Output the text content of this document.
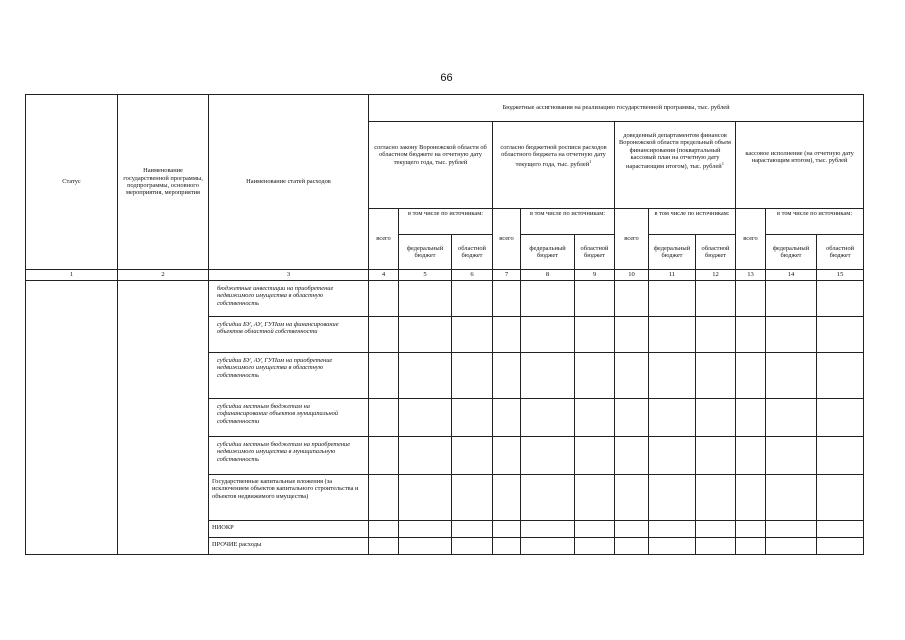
66
Статус	Наименование государственной программы, подпрограммы, основного мероприятия, мероприятия	Наименование статей расходов	Бюджетные ассигнования на реализацию государственной программы, тыс. рублей											
			согласно закону Воронежской области об областном бюджете на отчетную дату текущего года, тыс. рублей			согласно бюджетной росписи расходов областного бюджета на отчетную дату текущего года, тыс. рублей$^1$			доведенный департаментом финансов Воронежской области предельный объем финансирования (поквартальный кассовый план на отчетную дату нарастающим итогом), тыс. рублей$^1$			кассовое исполнение (на отчетную дату нарастающим итогом), тыс. рублей		
			всего	в том числе по источникам:		всего	в том числе по источникам:		всего	в том числе по источникам:		всего	в том числе по источникам:	
				федеральный бюджет	областной бюджет		федеральный бюджет	областной бюджет		федеральный бюджет	областной бюджет		федеральный бюджет	областной бюджет
1	2	3	4	5	6	7	8	9	10	11	12	13	14	15
		бюджетные инвестиции на приобретение недвижимого имущества в областную собственность												
		субсидии БУ, АУ, ГУПам на финансирование объектов областной собственности												
		субсидии БУ, АУ, ГУПам на приобретение недвижимого имущества в областную собственность												
		субсидии местным бюджетам на софинансирование объектов муниципальной собственности												
		субсидии местным бюджетам на приобретение недвижимого имущества в муниципальную собственность												
		Государственные капитальные вложения (за исключением объектов капитального строительства и объектов недвижимого имущества)												
		НИОКР												
		ПРОЧИЕ расходы												
